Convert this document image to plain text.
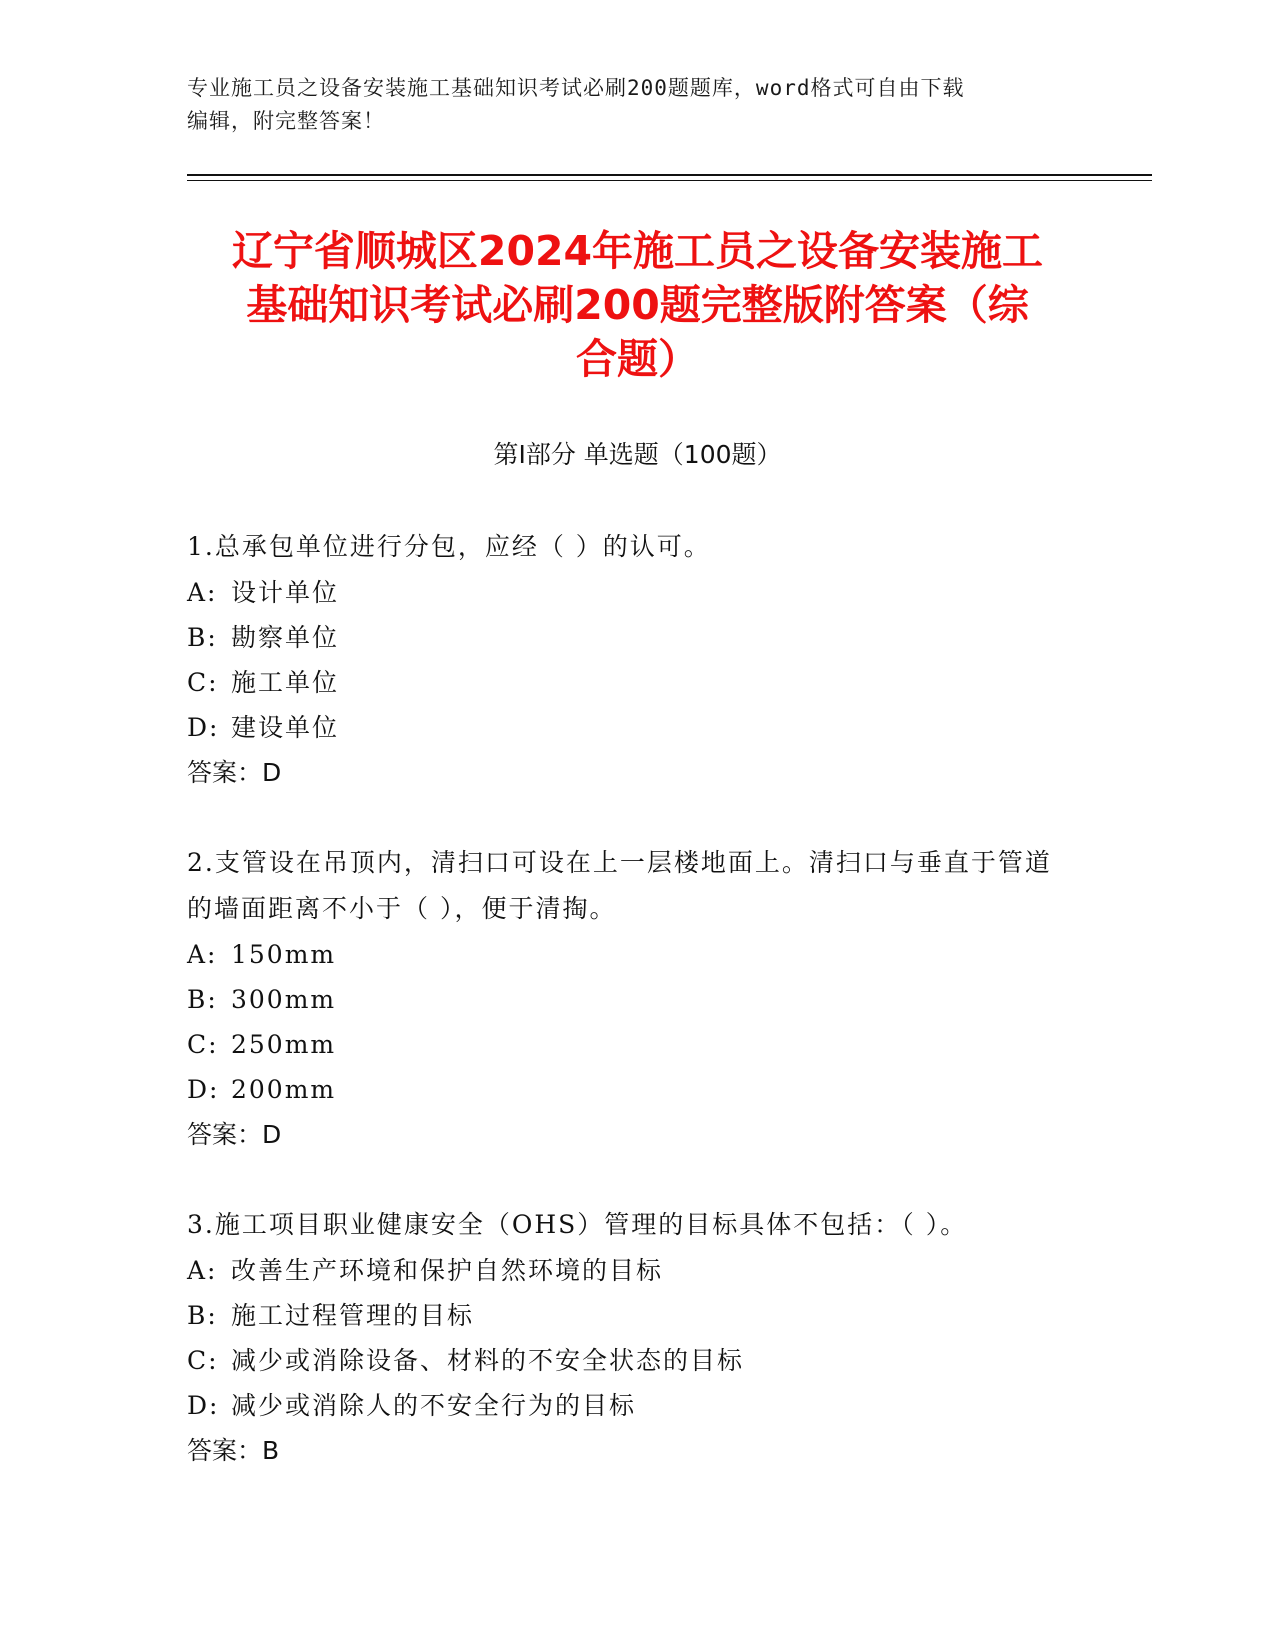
专业施工员之设备安装施工基础知识考试必刷200题题库，word格式可自由下载
编辑，附完整答案！
辽宁省顺城区2024年施工员之设备安装施工
基础知识考试必刷200题完整版附答案（综
合题）
第Ⅰ部分 单选题（100题）

1.总承包单位进行分包，应经（ ）的认可。

A: 设计单位

B: 勘察单位

C: 施工单位

D: 建设单位

答案：D

2.支管设在吊顶内，清扫口可设在上一层楼地面上。清扫口与垂直于管道的墙面距离不小于（ ），便于清掏。

A: 150mm

B: 300mm

C: 250mm

D: 200mm

答案：D

3.施工项目职业健康安全（OHS）管理的目标具体不包括：（ ）。

A: 改善生产环境和保护自然环境的目标

B: 施工过程管理的目标

C: 减少或消除设备、材料的不安全状态的目标

D: 减少或消除人的不安全行为的目标

答案：B
